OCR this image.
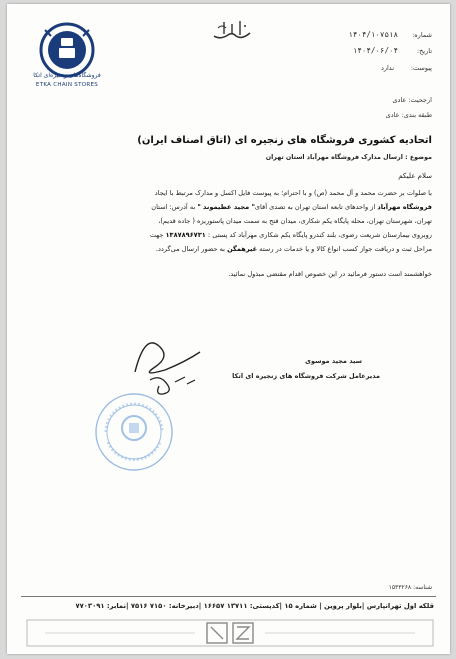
فروشگاه‌های زنجیره‌ای اتکا
ETKA CHAIN STORES
شماره:
۱۴۰۴/۱۰۷۵۱۸
تاریخ:
۱۴۰۴/۰۶/۰۴
پیوست:
ندارد
ارجحیت: عادی
طبقه بندی: عادی
اتحادیه کشوری فروشگاه های زنجیره ای (اتاق اصناف ایران)
موضوع : ارسال مدارک فروشگاه مهرآباد استان تهران
سلام علیکم
با صلوات بر حضرت محمد و آل محمد (ص) و با احترام؛ به پیوست فایل اکسل و مدارک مرتبط با ایجاد
فروشگاه مهرآباد از واحدهای تابعه استان تهران به تصدی آقای" مجید عظیموند " به آدرس: استان
تهران، شهرستان تهران، محله پایگاه یکم شکاری، میدان فتح به سمت میدان پاستوریزه ( جاده قدیم)،
روبروی بیمارستان شریعت رضوی، بلند کندرو پایگاه یکم شکاری مهرآباد کد پستی : ۱۳۸۷۸۹۶۷۳۱ جهت
مراحل ثبت و دریافت جواز کسب انواع کالا و یا خدمات در رسته غیرهمگن به حضور ارسال می‌گردد.
خواهشمند است دستور فرمائید در این خصوص اقدام مقتضی مبذول نمائید.
سید مجید موسوی
مدیرعامل شرکت فروشگاه های زنجیره ای اتکا
شناسه: ۱۵۳۳۲۶۸
قلکه اول تهرانپارس |بلوار پروین | شماره ۱۵ |کدپستی: ۱۳۷۱۱ ۱۶۶۵۷ |دبیرخانه: ۷۱۵۰ ۷۵۱۶ |نمابر: ۷۷۰۳۰۹۱
